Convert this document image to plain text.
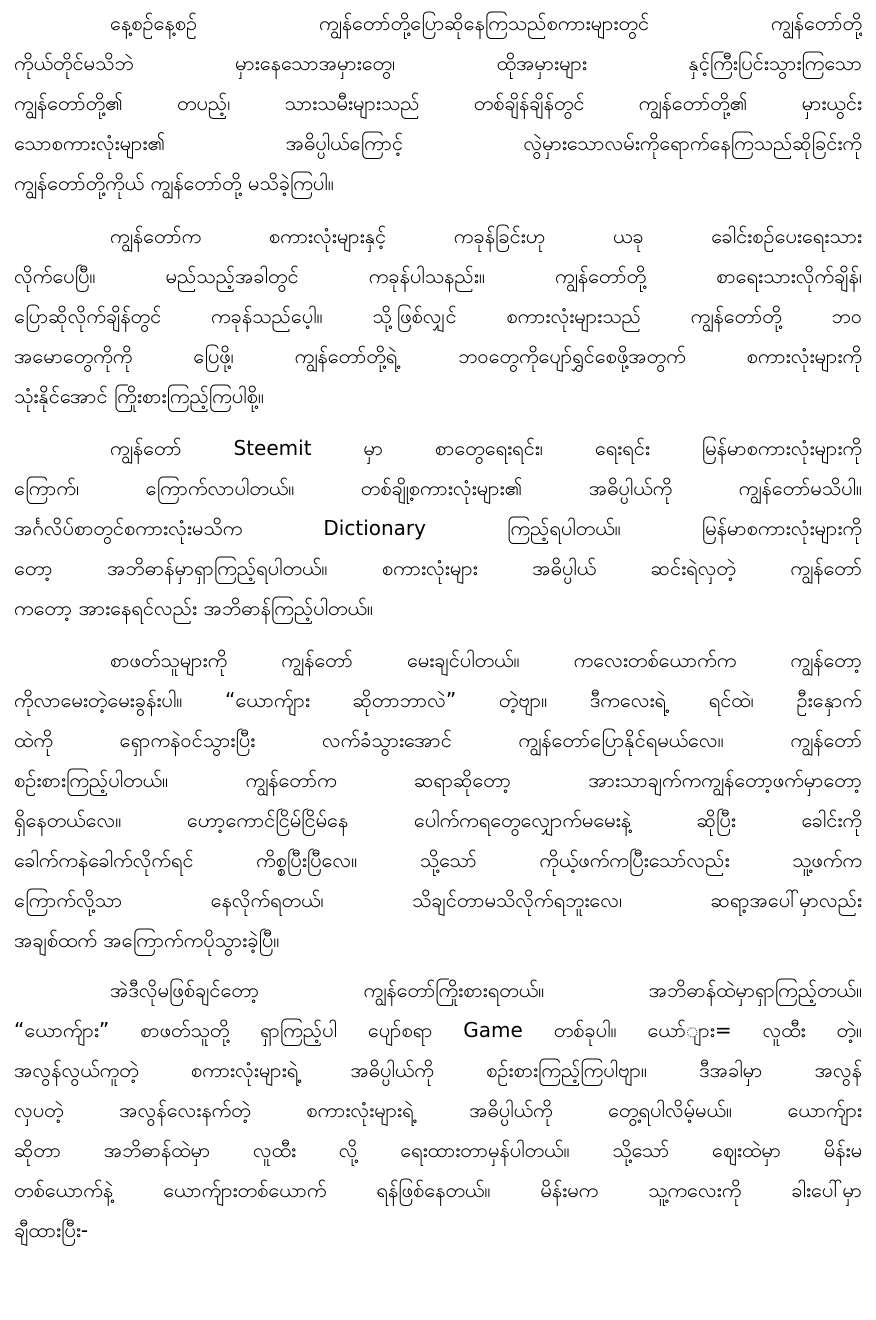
နေ့စဉ်နေ့စဉ် ကျွန်တော်တို့ပြောဆိုနေကြသည်စကားများတွင် ကျွန်တော်တို့
ကိုယ်တိုင်မသိဘဲ မှားနေသောအမှားတွေ၊ ထိုအမှားများ နှင့်ကြီးပြင်းသွားကြသော
ကျွန်တော်တို့၏ တပည့်၊ သားသမီးများသည် တစ်ချိန်ချိန်တွင် ကျွန်တော်တို့၏ မှားယွင်း
သောစကားလုံးများ၏ အဓိပ္ပါယ်ကြောင့် လွဲမှားသောလမ်းကိုရောက်နေကြသည်ဆိုခြင်းကို
ကျွန်တော်တို့ကိုယ် ကျွန်တော်တို့ မသိခဲ့ကြပါ။
ကျွန်တော်က စကားလုံးများနှင့် ကခုန်ခြင်းဟု ယခု ခေါင်းစဉ်ပေးရေးသား
လိုက်ပေပြီ။ မည်သည့်အခါတွင် ကခုန်ပါသနည်း။ ကျွန်တော်တို့ စာရေးသားလိုက်ချိန်၊
ပြောဆိုလိုက်ချိန်တွင် ကခုန်သည်ပေ့ါ။ သို့ဖြစ်လျှင် စကားလုံးများသည် ကျွန်တော်တို့ ဘဝ
အမောတွေကိုကို ပြေဖို့၊ ကျွန်တော်တို့ရဲ့ ဘဝတွေကိုပျော်ရွှင်စေဖို့အတွက် စကားလုံးများကို
သုံးနိုင်အောင် ကြိုးစားကြည့်ကြပါစို့။
ကျွန်တော် Steemit မှာ စာတွေရေးရင်း၊ ရေးရင်း မြန်မာစကားလုံးများကို
ကြောက်၊ ကြောက်လာပါတယ်။ တစ်ချို့စကားလုံးများ၏ အဓိပ္ပါယ်ကို ကျွန်တော်မသိပါ။
အင်္ဂလိပ်စာတွင်စကားလုံးမသိက Dictionary ကြည့်ရပါတယ်။ မြန်မာစကားလုံးများကို
တော့ အဘိဓာန်မှာရှာကြည့်ရပါတယ်။ စကားလုံးများ အဓိပ္ပါယ် ဆင်းရဲလှတဲ့ ကျွန်တော်
ကတော့ အားနေရင်လည်း အဘိဓာန်ကြည့်ပါတယ်။
စာဖတ်သူများကို ကျွန်တော် မေးချင်ပါတယ်။ ကလေးတစ်ယောက်က ကျွန်တော့
ကိုလာမေးတဲ့မေးခွန်းပါ။ “ယောက်ျား ဆိုတာဘာလဲ” တဲ့ဗျာ။ ဒီကလေးရဲ့ ရင်ထဲ၊ ဦးနှောက်
ထဲကို ရှောကနဲဝင်သွားပြီး လက်ခံသွားအောင် ကျွန်တော်ပြောနိုင်ရမယ်လေ။ ကျွန်တော်
စဉ်းစားကြည့်ပါတယ်။ ကျွန်တော်က ဆရာဆိုတော့ အားသာချက်ကကျွန်တော့ဖက်မှာတော့
ရှိနေတယ်လေ။ ဟော့ကောင်ငြိမ်ငြိမ်နေ ပေါက်ကရတွေလျှောက်မမေးနဲ့ ဆိုပြီး ခေါင်းကို
ခေါက်ကနဲခေါက်လိုက်ရင် ကိစ္စပြီးပြီလေ။ သို့သော် ကိုယ့်ဖက်ကပြီးသော်လည်း သူ့ဖက်က
ကြောက်လို့သာ နေလိုက်ရတယ်၊ သိချင်တာမသိလိုက်ရဘူးလေ၊ ဆရာ့အပေါ်မှာလည်း
အချစ်ထက် အကြောက်ကပိုသွားခဲ့ပြီ။
အဲဒီလိုမဖြစ်ချင်တော့ ကျွန်တော်ကြိုးစားရတယ်။ အဘိဓာန်ထဲမှာရှာကြည့်တယ်။
“ယောက်ျား” စာဖတ်သူတို့ ရှာကြည့်ပါ ပျော်စရာ Game တစ်ခုပါ။ ယော်ျား= လူထီး တဲ့။
အလွန်လွယ်ကူတဲ့ စကားလုံးများရဲ့ အဓိပ္ပါယ်ကို စဉ်းစားကြည့်ကြပါဗျာ။ ဒီအခါမှာ အလွန်
လှပတဲ့ အလွန်လေးနက်တဲ့ စကားလုံးများရဲ့ အဓိပ္ပါယ်ကို တွေ့ရပါလိမ့်မယ်။ ယောက်ျား
ဆိုတာ အဘိဓာန်ထဲမှာ လူထီး လို့ ရေးထားတာမှန်ပါတယ်။ သို့သော် ဈေးထဲမှာ မိန်းမ
တစ်ယောက်နဲ့ ယောက်ျားတစ်ယောက် ရန်ဖြစ်နေတယ်။ မိန်းမက သူ့ကလေးကို ခါးပေါ်မှာ
ချီထားပြီး-
